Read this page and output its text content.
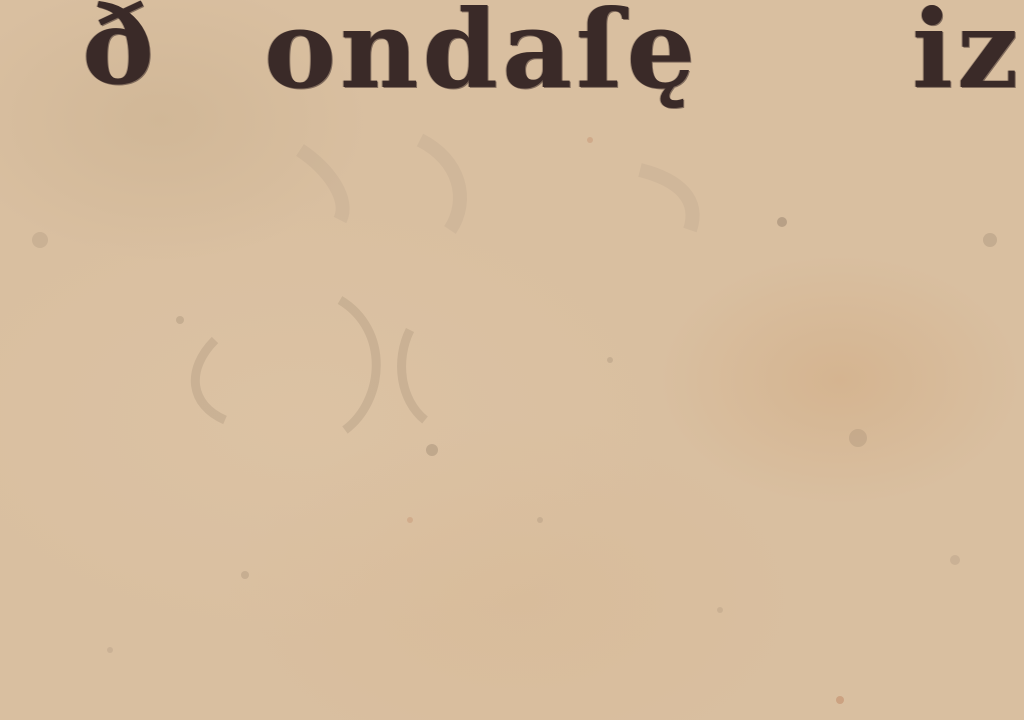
ð ondaſę iz
